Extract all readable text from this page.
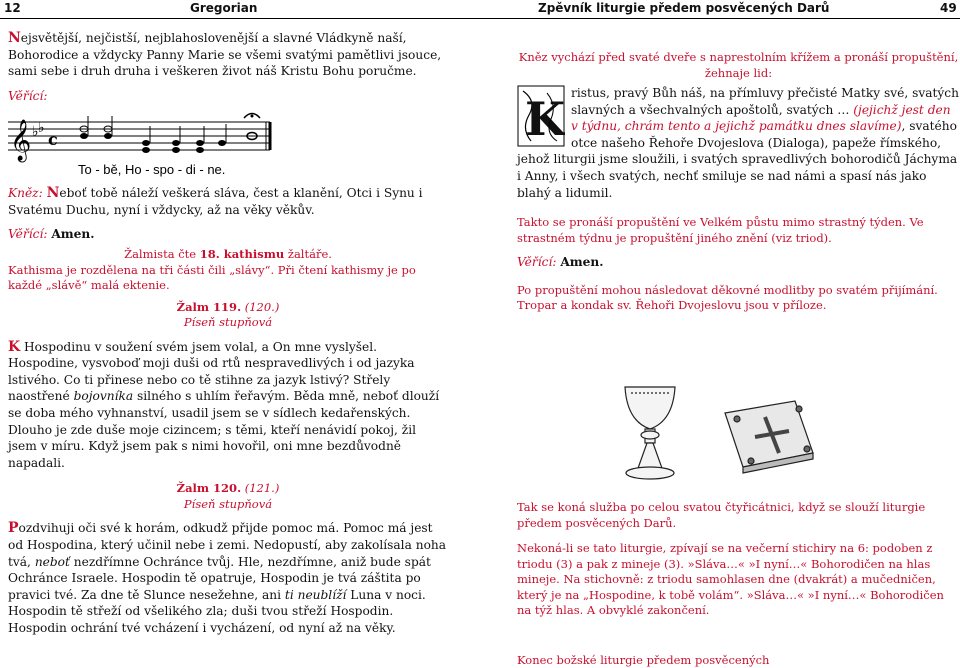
12	Gregorian	Zpěvník liturgie předem posvěcených Darů	49

Nejsvětější, nejčistší, nejblahoslovenější a slavné Vládkyně naší, Bohorodice a vždycky Panny Marie se všemi svatými pamětlivi jsouce, sami sebe i druh druha i veškeren život náš Kristu Bohu poručme.

Věřící:

𝄞 ♭ ♭
c
To - bě, Ho - spo - di - ne.

Kněz: Neboť tobě náleží veškerá sláva, čest a klanění, Otci i Synu i Svatému Duchu, nyní i vždycky, až na věky věkův.

Věřící: Amen.

Žalmista čte 18. kathismu žaltáře.

Kathisma je rozdělena na tři části čili „slávy“. Při čtení kathismy je po každé „slávě“ malá ektenie.

Žalm 119. (120.)

Píseň stupňová

K Hospodinu v soužení svém jsem volal, a On mne vyslyšel. Hospodine, vysvoboď moji duši od rtů nespravedlivých i od jazyka lstivého. Co ti přinese nebo co tě stihne za jazyk lstivý? Střely naostřené bojovníka silného s uhlím řeřavým. Běda mně, neboť dlouží se doba mého vyhnanství, usadil jsem se v sídlech kedařenských. Dlouho je zde duše moje cizincem; s těmi, kteří nenávidí pokoj, žil jsem v míru. Když jsem pak s nimi hovořil, oni mne bezdůvodně napadali.

Žalm 120. (121.)

Píseň stupňová

Pozdvihuji oči své k horám, odkudž přijde pomoc má. Pomoc má jest od Hospodina, který učinil nebe i zemi. Nedopustí, aby zakolísala noha tvá, neboť nezdřímne Ochránce tvůj. Hle, nezdřímne, aniž bude spát Ochránce Israele. Hospodin tě opatruje, Hospodin je tvá záštita po pravici tvé. Za dne tě Slunce nesežehne, ani ti neublíží Luna v noci. Hospodin tě střeží od všelikého zla; duši tvou střeží Hospodin. Hospodin ochrání tvé vcházení i vycházení, od nyní až na věky.

Kněz vychází před svaté dveře s naprestolním křížem a pronáší propuštění, žehnaje lid:

K ristus, pravý Bůh náš, na přímluvy přečisté Matky své, svatých slavných a všechvalných apoštolů, svatých … (jejichž jest den v týdnu, chrám tento a jejichž památku dnes slavíme), svatého otce našeho Řehoře Dvojeslova (Dialoga), papeže římského, jehož liturgii jsme sloužili, i svatých spravedlivých bohorodičů Jáchyma i Anny, i všech svatých, nechť smiluje se nad námi a spasí nás jako blahý a lidumil.

Takto se pronáší propuštění ve Velkém půstu mimo strastný týden. Ve strastném týdnu je propuštění jiného znění (viz triod).

Věřící: Amen.

Po propuštění mohou následovat děkovné modlitby po svatém přijímání. Tropar a kondak sv. Řehoři Dvojeslovu jsou v příloze.

Tak se koná služba po celou svatou čtyřicátnici, když se slouží liturgie předem posvěcených Darů.

Nekoná-li se tato liturgie, zpívají se na večerní stichiry na 6: podoben z triodu (3) a pak z mineje (3). »Sláva…« »I nyní…« Bohorodičen na hlas mineje. Na stichovně: z triodu samohlasen dne (dvakrát) a mučedničen, který je na „Hospodine, k tobě volám“. »Sláva…« »I nyní…« Bohorodičen na týž hlas. A obvyklé zakončení.

Konec božské liturgie předem posvěcených
